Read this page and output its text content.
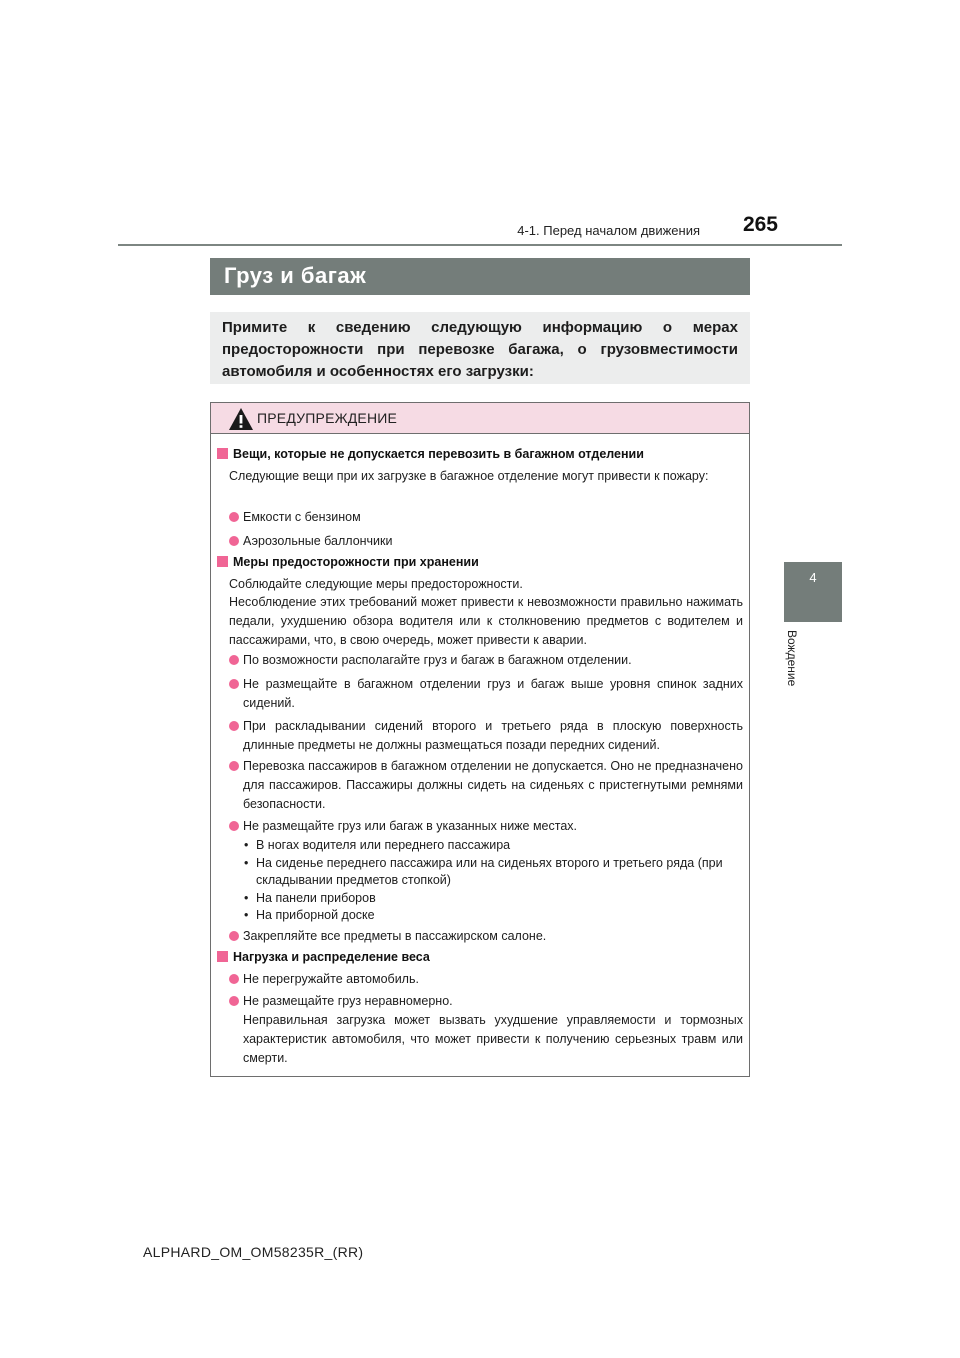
4-1. Перед началом движения	265
4
Вождение
Груз и багаж

Примите к сведению следующую информацию о мерах предосторожности при перевозке багажа, о грузовместимости автомобиля и особенностях его загрузки:

ПРЕДУПРЕЖДЕНИЕ
Вещи, которые не допускается перевозить в багажном отделении
Следующие вещи при их загрузке в багажное отделение могут привести к пожару:
Емкости с бензином
Аэрозольные баллончики
Меры предосторожности при хранении
Соблюдайте следующие меры предосторожности.
Несоблюдение этих требований может привести к невозможности правильно нажимать педали, ухудшению обзора водителя или к столкновению предметов с водителем и пассажирами, что, в свою очередь, может привести к аварии.
По возможности располагайте груз и багаж в багажном отделении.
Не размещайте в багажном отделении груз и багаж выше уровня спинок задних сидений.
При раскладывании сидений второго и третьего ряда в плоскую поверхность длинные предметы не должны размещаться позади передних сидений.
Перевозка пассажиров в багажном отделении не допускается. Оно не предназначено для пассажиров. Пассажиры должны сидеть на сиденьях с пристегнутыми ремнями безопасности.
Не размещайте груз или багаж в указанных ниже местах.
• В ногах водителя или переднего пассажира
• На сиденье переднего пассажира или на сиденьях второго и третьего ряда (при складывании предметов стопкой)
• На панели приборов
• На приборной доске
Закрепляйте все предметы в пассажирском салоне.
Нагрузка и распределение веса
Не перегружайте автомобиль.
Не размещайте груз неравномерно.
Неправильная загрузка может вызвать ухудшение управляемости и тормозных характеристик автомобиля, что может привести к получению серьезных травм или смерти.
ALPHARD_OM_OM58235R_(RR)
